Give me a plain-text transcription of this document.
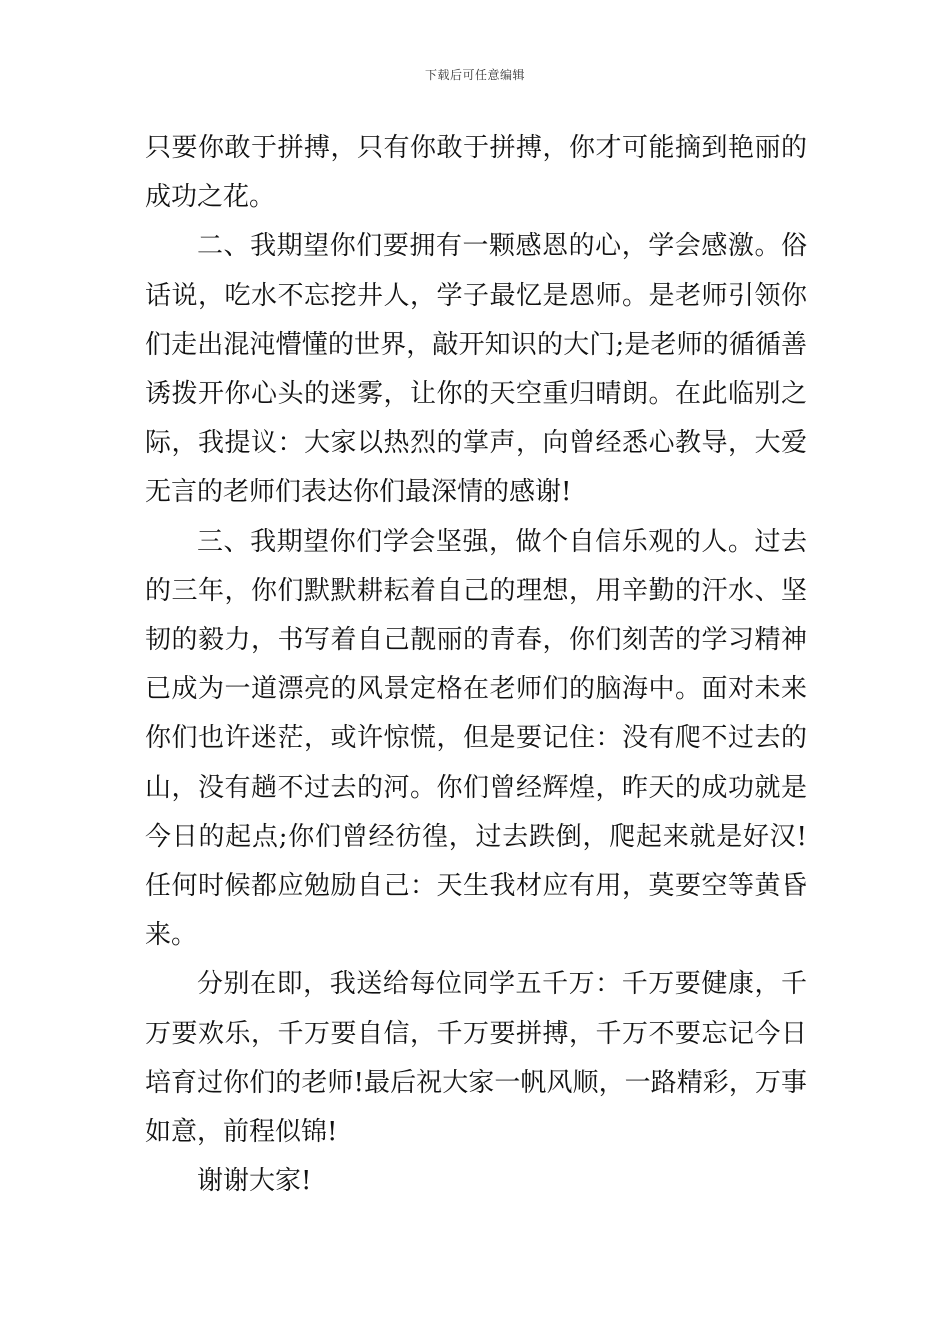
下载后可任意编辑

只要你敢于拼搏，只有你敢于拼搏，你才可能摘到艳丽的成功之花。

二、我期望你们要拥有一颗感恩的心，学会感激。俗话说，吃水不忘挖井人，学子最忆是恩师。是老师引领你们走出混沌懵懂的世界，敲开知识的大门;是老师的循循善诱拨开你心头的迷雾，让你的天空重归晴朗。在此临别之际，我提议：大家以热烈的掌声，向曾经悉心教导，大爱无言的老师们表达你们最深情的感谢!

三、我期望你们学会坚强，做个自信乐观的人。过去的三年，你们默默耕耘着自己的理想，用辛勤的汗水、坚韧的毅力，书写着自己靓丽的青春，你们刻苦的学习精神已成为一道漂亮的风景定格在老师们的脑海中。面对未来你们也许迷茫，或许惊慌，但是要记住：没有爬不过去的山，没有趟不过去的河。你们曾经辉煌，昨天的成功就是今日的起点;你们曾经彷徨，过去跌倒，爬起来就是好汉!任何时候都应勉励自己：天生我材应有用，莫要空等黄昏来。

分别在即，我送给每位同学五千万：千万要健康，千万要欢乐，千万要自信，千万要拼搏，千万不要忘记今日培育过你们的老师!最后祝大家一帆风顺，一路精彩，万事如意，前程似锦!

谢谢大家!
